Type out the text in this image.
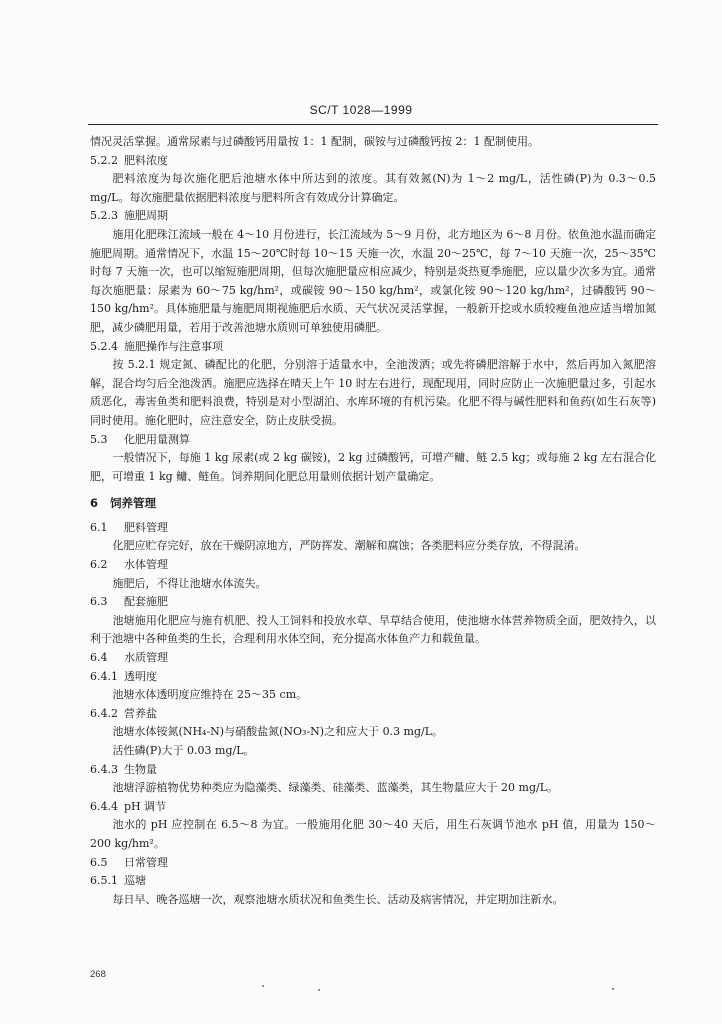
SC/T 1028—1999
情况灵活掌握。通常尿素与过磷酸钙用量按 1：1 配制，碳铵与过磷酸钙按 2：1 配制使用。
5.2.2 肥料浓度
肥料浓度为每次施化肥后池塘水体中所达到的浓度。其有效氮(N)为 1～2 mg/L，活性磷(P)为 0.3～0.5 mg/L。每次施肥量依据肥料浓度与肥料所含有效成分计算确定。
5.2.3 施肥周期
施用化肥珠江流域一般在 4～10 月份进行，长江流域为 5～9 月份，北方地区为 6～8 月份。依鱼池水温而确定施肥周期。通常情况下，水温 15～20℃时每 10～15 天施一次，水温 20～25℃，每 7～10 天施一次，25～35℃时每 7 天施一次，也可以缩短施肥周期，但每次施肥量应相应减少，特别是炎热夏季施肥，应以量少次多为宜。通常每次施肥量：尿素为 60～75 kg/hm²，或碳铵 90～150 kg/hm²，或氯化铵 90～120 kg/hm²，过磷酸钙 90～150 kg/hm²。具体施肥量与施肥周期视施肥后水质、天气状况灵活掌握，一般新开挖或水质较瘦鱼池应适当增加氮肥，减少磷肥用量，若用于改善池塘水质则可单独使用磷肥。
5.2.4 施肥操作与注意事项
按 5.2.1 规定氮、磷配比的化肥，分别溶于适量水中，全池泼洒；或先将磷肥溶解于水中，然后再加入氮肥溶解，混合均匀后全池泼洒。施肥应选择在晴天上午 10 时左右进行，现配现用，同时应防止一次施肥量过多，引起水质恶化，毒害鱼类和肥料浪费，特别是对小型湖泊、水库环境的有机污染。化肥不得与碱性肥料和鱼药(如生石灰等)同时使用。施化肥时，应注意安全，防止皮肤受损。
5.3 化肥用量测算
一般情况下，每施 1 kg 尿素(或 2 kg 碳铵)，2 kg 过磷酸钙，可增产鳙、鲢 2.5 kg；或每施 2 kg 左右混合化肥，可增重 1 kg 鳙、鲢鱼。饲养期间化肥总用量则依据计划产量确定。
6 饲养管理
6.1 肥料管理
化肥应贮存完好，放在干燥阴凉地方，严防挥发、潮解和腐蚀；各类肥料应分类存放，不得混淆。
6.2 水体管理
施肥后，不得让池塘水体流失。
6.3 配套施肥
池塘施用化肥应与施有机肥、投人工饲料和投放水草、旱草结合使用，使池塘水体营养物质全面，肥效持久，以利于池塘中各种鱼类的生长，合理利用水体空间，充分提高水体鱼产力和载鱼量。
6.4 水质管理
6.4.1 透明度
池塘水体透明度应维持在 25～35 cm。
6.4.2 营养盐
池塘水体铵氮(NH₄-N)与硝酸盐氮(NO₃-N)之和应大于 0.3 mg/L。
活性磷(P)大于 0.03 mg/L。
6.4.3 生物量
池塘浮游植物优势种类应为隐藻类、绿藻类、硅藻类、蓝藻类，其生物量应大于 20 mg/L。
6.4.4 pH 调节
池水的 pH 应控制在 6.5～8 为宜。一般施用化肥 30～40 天后，用生石灰调节池水 pH 值，用量为 150～200 kg/hm²。
6.5 日常管理
6.5.1 巡塘
每日早、晚各巡塘一次，观察池塘水质状况和鱼类生长、活动及病害情况，并定期加注新水。
268
